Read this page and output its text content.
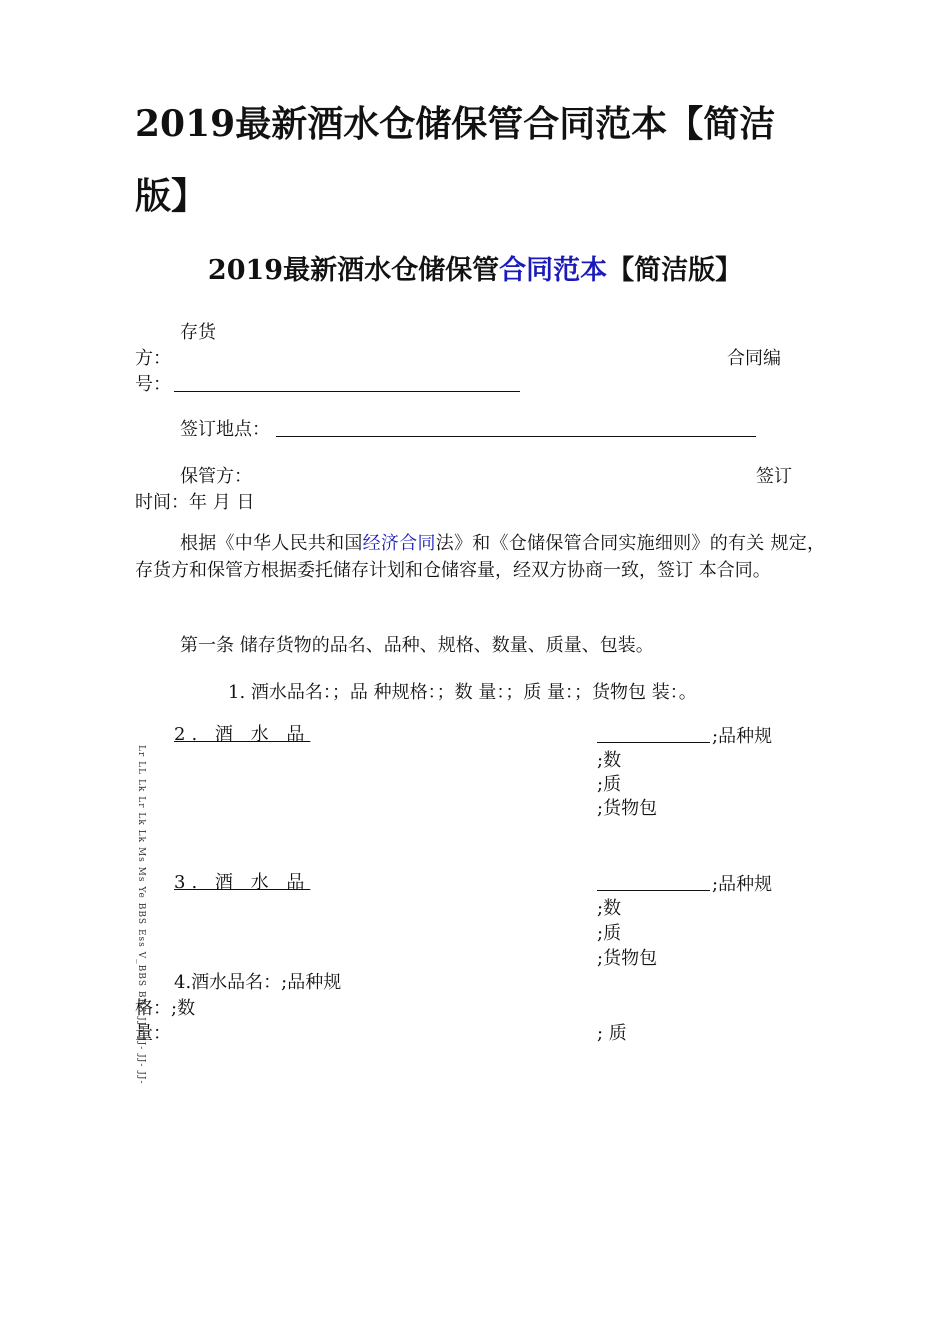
2019最新酒水仓储保管合同范本【简洁版】
2019最新酒水仓储保管合同范本【简洁版】
存货
方：	合同编
号：
签订地点：
保管方：	签订
时间：年 月 日
根据《中华人民共和国经济合同法》和《仓储保管合同实施细则》的有关 规定，存货方和保管方根据委托储存计划和仓储容量，经双方协商一致，签订 本合同。
第一条 储存货物的品名、品种、规格、数量、质量、包装。
1. 酒水品名：；品 种规格：；数 量：；质 量：；货物包 装：。
2. 酒 水 品	;品种规
;数
;质
;货物包
3. 酒 水 品	;品种规
;数
;质
;货物包
4.酒水品名：;品种规
格：;数
量：	; 质
Lr LL Lk Lr Lk Lk Ms Ms Ye BBS Ess V_BBS BBS JJn JJ- JJ- JJ-
